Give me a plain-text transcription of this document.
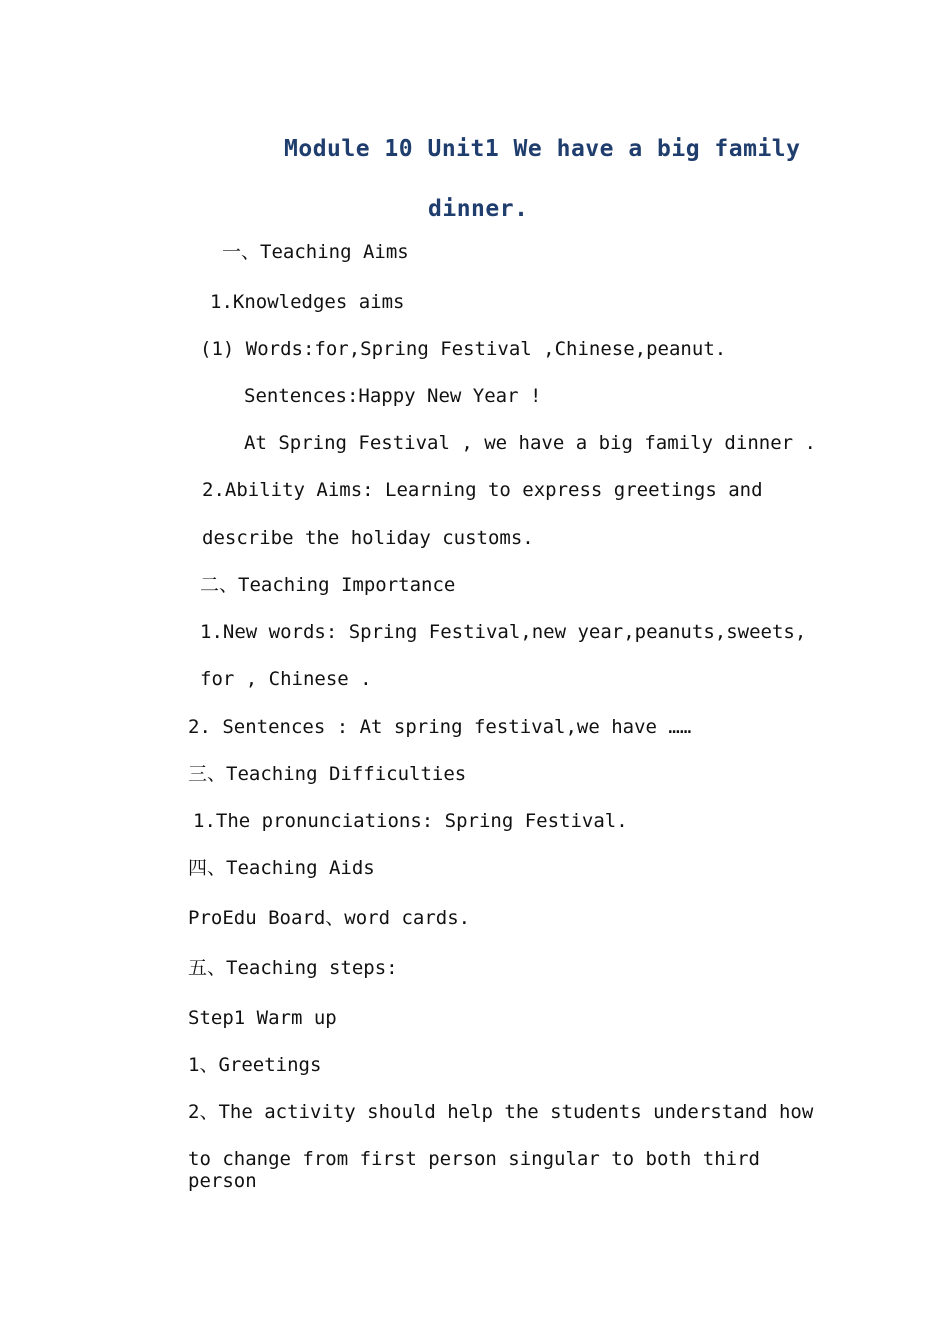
Module 10 Unit1 We have a big family
dinner.
一、Teaching Aims
1.Knowledges aims
(1) Words:for,Spring Festival ,Chinese,peanut.
Sentences:Happy New Year !
At Spring Festival , we have a big family dinner .
2.Ability Aims: Learning to express greetings and
describe the holiday customs.
二、Teaching Importance
1.New words: Spring Festival,new year,peanuts,sweets,
for , Chinese .
2. Sentences : At spring festival,we have ……
三、Teaching Difficulties
1.The pronunciations: Spring Festival.
四、Teaching Aids
ProEdu Board、word cards.
五、Teaching steps:
Step1 Warm up
1、Greetings
2、The activity should help the students understand how
to change from first person singular to both third person
